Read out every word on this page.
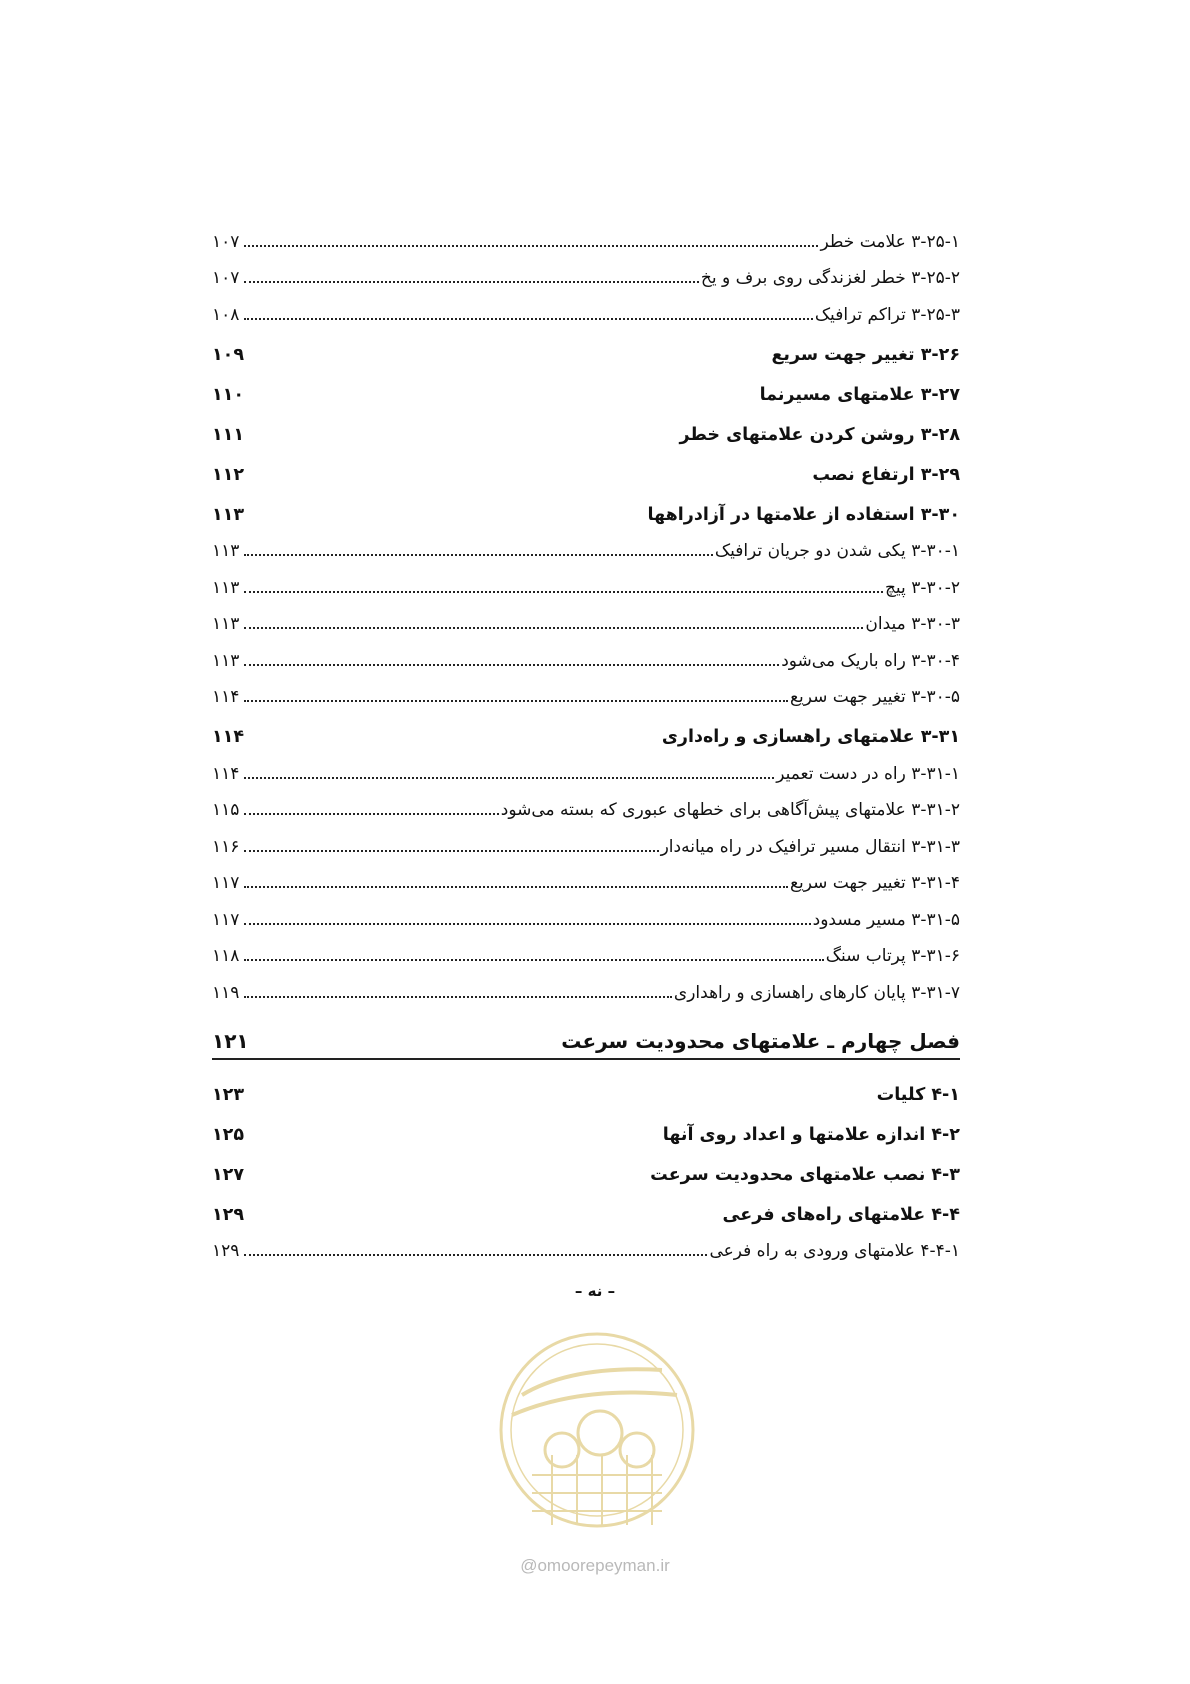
۳-۲۵-۱ علامت خطر
۱۰۷
۳-۲۵-۲ خطر لغزندگی روی برف و یخ
۱۰۷
۳-۲۵-۳ تراکم ترافیک
۱۰۸
۳-۲۶ تغییر جهت سریع
۱۰۹
۳-۲۷ علامتهای مسیرنما
۱۱۰
۳-۲۸ روشن کردن علامتهای خطر
۱۱۱
۳-۲۹ ارتفاع نصب
۱۱۲
۳-۳۰ استفاده از علامتها در آزادراهها
۱۱۳
۳-۳۰-۱ یکی شدن دو جریان ترافیک
۱۱۳
۳-۳۰-۲ پیچ
۱۱۳
۳-۳۰-۳ میدان
۱۱۳
۳-۳۰-۴ راه باریک می‌شود
۱۱۳
۳-۳۰-۵ تغییر جهت سریع
۱۱۴
۳-۳۱ علامتهای راهسازی و راه‌داری
۱۱۴
۳-۳۱-۱ راه در دست تعمیر
۱۱۴
۳-۳۱-۲ علامتهای پیش‌آگاهی برای خطهای عبوری که بسته می‌شود
۱۱۵
۳-۳۱-۳ انتقال مسیر ترافیک در راه میانه‌دار
۱۱۶
۳-۳۱-۴ تغییر جهت سریع
۱۱۷
۳-۳۱-۵ مسیر مسدود
۱۱۷
۳-۳۱-۶ پرتاب سنگ
۱۱۸
۳-۳۱-۷ پایان کارهای راهسازی و راهداری
۱۱۹
فصل چهارم ـ علامتهای محدودیت سرعت
۱۲۱
۴-۱ کلیات
۱۲۳
۴-۲ اندازه علامتها و اعداد روی آنها
۱۲۵
۴-۳ نصب علامتهای محدودیت سرعت
۱۲۷
۴-۴ علامتهای راه‌های فرعی
۱۲۹
۴-۴-۱ علامتهای ورودی به راه فرعی
۱۲۹
– نه –
@omoorepeyman.ir
